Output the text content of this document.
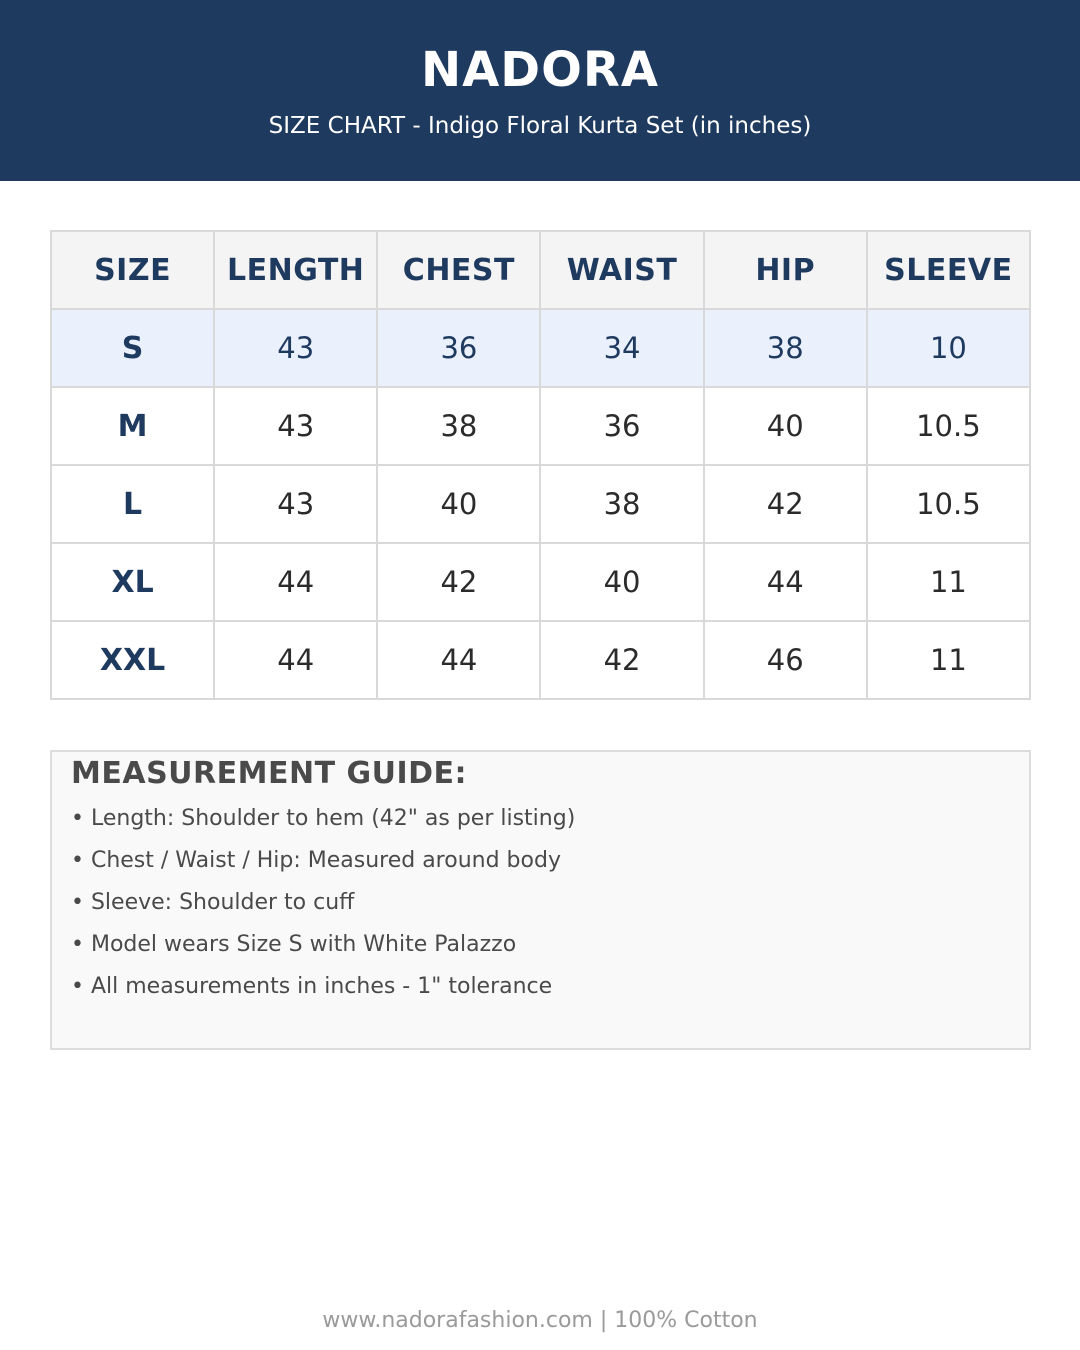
NADORA
SIZE CHART - Indigo Floral Kurta Set (in inches)
SIZE	LENGTH	CHEST	WAIST	HIP	SLEEVE
S	43	36	34	38	10
M	43	38	36	40	10.5
L	43	40	38	42	10.5
XL	44	42	40	44	11
XXL	44	44	42	46	11
MEASUREMENT GUIDE:
• Length: Shoulder to hem (42" as per listing)
• Chest / Waist / Hip: Measured around body
• Sleeve: Shoulder to cuff
• Model wears Size S with White Palazzo
• All measurements in inches - 1" tolerance
www.nadorafashion.com | 100% Cotton
